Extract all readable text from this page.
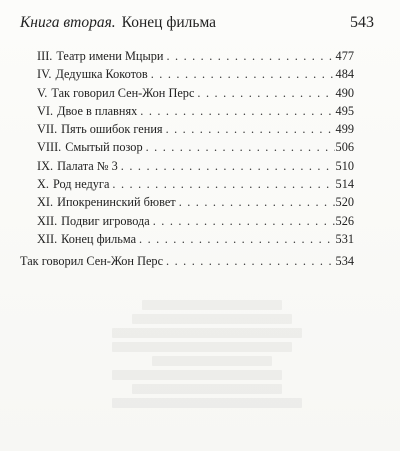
Книга вторая. Конец фильма	543
III. Театр имени Мцыри . . .	477
IV. Дедушка Кокотов . . .	484
V. Так говорил Сен-Жон Перс . . .	490
VI. Двое в плавнях . . .	495
VII. Пять ошибок гения . . .	499
VIII. Смытый позор . . .	506
IX. Палата № 3 . . .	510
X. Род недуга . . .	514
XI. Ипокренинский бювет . . .	520
XII. Подвиг игровода . . .	526
XII. Конец фильма . . .	531
Так говорил Сен-Жон Перс . . .	534
